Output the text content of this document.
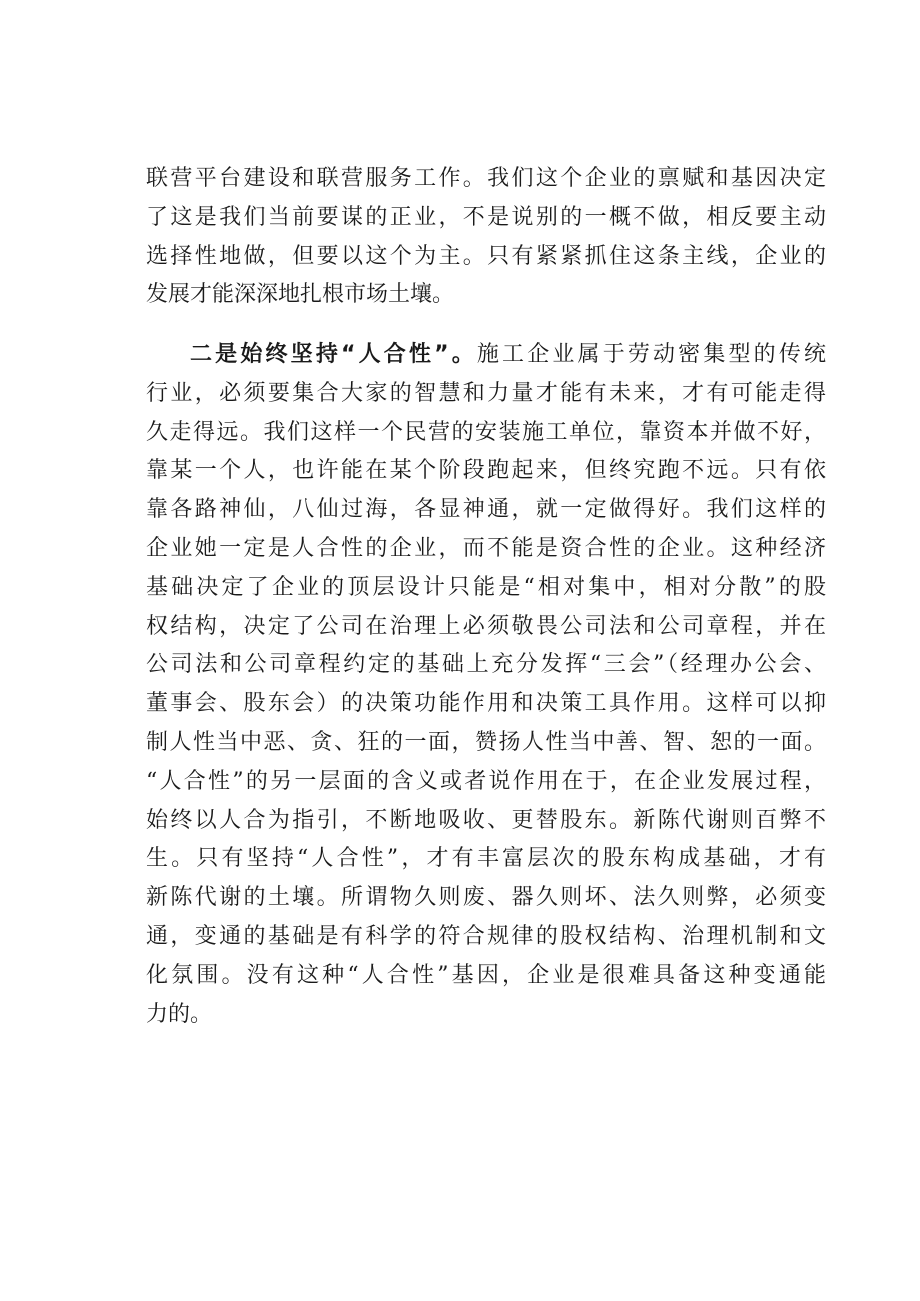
联营平台建设和联营服务工作。我们这个企业的禀赋和基因决定
了这是我们当前要谋的正业，不是说别的一概不做，相反要主动
选择性地做，但要以这个为主。只有紧紧抓住这条主线，企业的
发展才能深深地扎根市场土壤。
二是始终坚持“人合性”。施工企业属于劳动密集型的传统
行业，必须要集合大家的智慧和力量才能有未来，才有可能走得
久走得远。我们这样一个民营的安装施工单位，靠资本并做不好，
靠某一个人，也许能在某个阶段跑起来，但终究跑不远。只有依
靠各路神仙，八仙过海，各显神通，就一定做得好。我们这样的
企业她一定是人合性的企业，而不能是资合性的企业。这种经济
基础决定了企业的顶层设计只能是“相对集中，相对分散”的股
权结构，决定了公司在治理上必须敬畏公司法和公司章程，并在
公司法和公司章程约定的基础上充分发挥“三会”（经理办公会、
董事会、股东会）的决策功能作用和决策工具作用。这样可以抑
制人性当中恶、贪、狂的一面，赞扬人性当中善、智、恕的一面。
“人合性”的另一层面的含义或者说作用在于，在企业发展过程，
始终以人合为指引，不断地吸收、更替股东。新陈代谢则百弊不
生。只有坚持“人合性”，才有丰富层次的股东构成基础，才有
新陈代谢的土壤。所谓物久则废、器久则坏、法久则弊，必须变
通，变通的基础是有科学的符合规律的股权结构、治理机制和文
化氛围。没有这种“人合性”基因，企业是很难具备这种变通能
力的。
